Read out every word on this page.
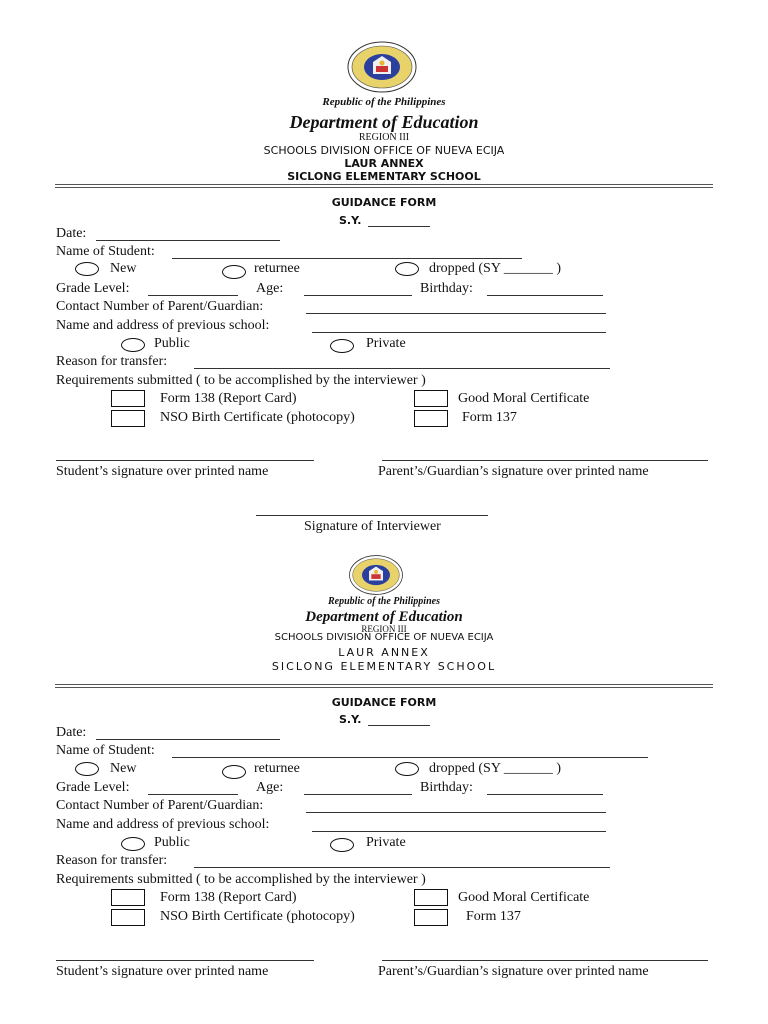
Republic of the Philippines
Department of Education
REGION III
SCHOOLS DIVISION OFFICE OF NUEVA ECIJA
LAUR ANNEX
SICLONG ELEMENTARY SCHOOL
GUIDANCE FORM
S.Y.
Date:
Name of Student:
New	returnee	dropped (SY _______ )
Grade Level:	Age:	Birthday:
Contact Number of Parent/Guardian:
Name and address of previous school:
Public	Private
Reason for transfer:
Requirements submitted ( to be accomplished by the interviewer )
Form 138 (Report Card)	Good Moral Certificate
NSO Birth Certificate (photocopy)	Form 137
Student’s signature over printed name	Parent’s/Guardian’s signature over printed name
Signature of Interviewer
Republic of the Philippines
Department of Education
REGION III
SCHOOLS DIVISION OFFICE OF NUEVA ECIJA
LAUR ANNEX
SICLONG ELEMENTARY SCHOOL
GUIDANCE FORM
S.Y.
Date:
Name of Student:
New	returnee	dropped (SY _______ )
Grade Level:	Age:	Birthday:
Contact Number of Parent/Guardian:
Name and address of previous school:
Public	Private
Reason for transfer:
Requirements submitted ( to be accomplished by the interviewer )
Form 138 (Report Card)	Good Moral Certificate
NSO Birth Certificate (photocopy)	Form 137
Student’s signature over printed name	Parent’s/Guardian’s signature over printed name
